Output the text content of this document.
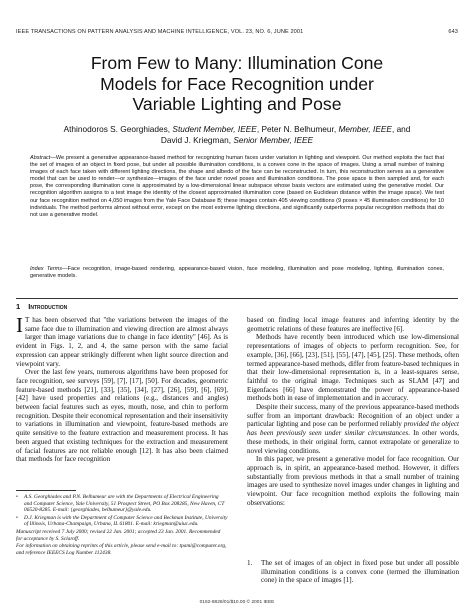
IEEE TRANSACTIONS ON PATTERN ANALYSIS AND MACHINE INTELLIGENCE, VOL. 23, NO. 6, JUNE 2001	643
From Few to Many: Illumination Cone
Models for Face Recognition under
Variable Lighting and Pose
Athinodoros S. Georghiades, Student Member, IEEE, Peter N. Belhumeur, Member, IEEE, and
David J. Kriegman, Senior Member, IEEE
Abstract—We present a generative appearance-based method for recognizing human faces under variation in lighting and viewpoint. Our method exploits the fact that the set of images of an object in fixed pose, but under all possible illumination conditions, is a convex cone in the space of images. Using a small number of training images of each face taken with different lighting directions, the shape and albedo of the face can be reconstructed. In turn, this reconstruction serves as a generative model that can be used to render—or synthesize—images of the face under novel poses and illumination conditions. The pose space is then sampled and, for each pose, the corresponding illumination cone is approximated by a low-dimensional linear subspace whose basis vectors are estimated using the generative model. Our recognition algorithm assigns to a test image the identity of the closest approximated illumination cone (based on Euclidean distance within the image space). We test our face recognition method on 4,050 images from the Yale Face Database B; these images contain 405 viewing conditions (9 poses × 45 illumination conditions) for 10 individuals. The method performs almost without error, except on the most extreme lighting directions, and significantly outperforms popular recognition methods that do not use a generative model.
Index Terms—Face recognition, image-based rendering, appearance-based vision, face modeling, illumination and pose modeling, lighting, illumination cones, generative models.
1 Introduction

I T has been observed that "the variations between the images of the same face due to illumination and viewing direction are almost always larger than image variations due to change in face identity" [46]. As is evident in Figs. 1, 2, and 4, the same person with the same facial expression can appear strikingly different when light source direction and viewpoint vary.

Over the last few years, numerous algorithms have been proposed for face recognition, see surveys [59], [7], [17], [50]. For decades, geometric feature-based methods [21], [33], [35], [34], [27], [26], [59], [6], [69], [42] have used properties and relations (e.g., distances and angles) between facial features such as eyes, mouth, nose, and chin to perform recognition. Despite their economical representation and their insensitivity to variations in illumination and viewpoint, feature-based methods are quite sensitive to the feature extraction and measurement process. It has been argued that existing techniques for the extraction and measurement of facial features are not reliable enough [12]. It has also been claimed that methods for face recognition

•	A.S. Georghiades and P.N. Belhumeur are with the Departments of Electrical Engineering and Computer Science, Yale University, 51 Prospect Street, PO Box 208285, New Haven, CT 06520-8285. E-mail: {georghiades, belhumeur}@yale.edu.
•	D.J. Kriegman is with the Department of Computer Science and Beckman Institute, University of Illinois, Urbana-Champaign, Urbana, IL 61801. E-mail: kriegman@uiuc.edu.
Manuscript received 7 July 2000; revised 22 Jan. 2001; accepted 23 Jan. 2001. Recommended for acceptance by S. Sclaroff.
For information on obtaining reprints of this article, please send e-mail to: tpami@computer.org, and reference IEEECS Log Number 112438.

based on finding local image features and inferring identity by the geometric relations of these features are ineffective [6].

Methods have recently been introduced which use low-dimensional representations of images of objects to perform recognition. See, for example, [36], [66], [23], [51], [55], [47], [45], [25]. These methods, often termed appearance-based methods, differ from feature-based techniques in that their low-dimensional representation is, in a least-squares sense, faithful to the original image. Techniques such as SLAM [47] and Eigenfaces [66] have demonstrated the power of appearance-based methods both in ease of implementation and in accuracy.

Despite their success, many of the previous appearance-based methods suffer from an important drawback: Recognition of an object under a particular lighting and pose can be performed reliably provided the object has been previously seen under similar circumstances. In other words, these methods, in their original form, cannot extrapolate or generalize to novel viewing conditions.

In this paper, we present a generative model for face recognition. Our approach is, in spirit, an appearance-based method. However, it differs substantially from previous methods in that a small number of training images are used to synthesize novel images under changes in lighting and viewpoint. Our face recognition method exploits the following main observations:

1.	The set of images of an object in fixed pose but under all possible illumination conditions is a convex cone (termed the illumination cone) in the space of images [1].
0162-8828/01/$10.00 © 2001 IEEE
